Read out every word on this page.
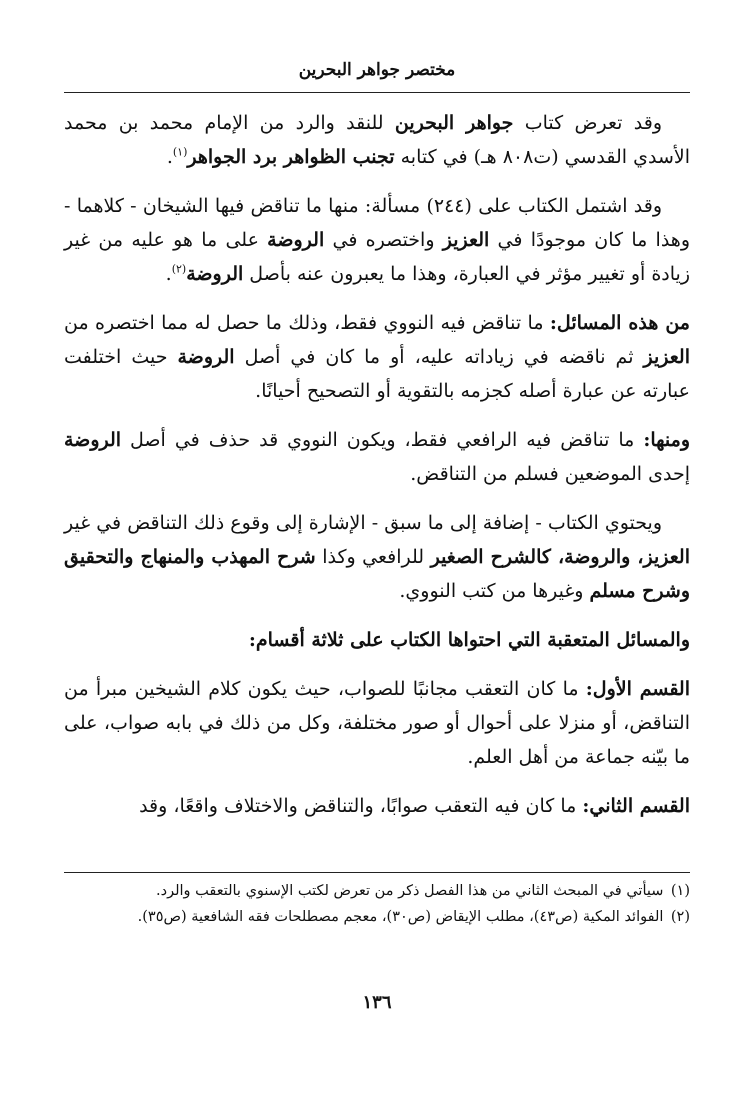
مختصر جواهر البحرين

وقد تعرض كتاب جواهر البحرين للنقد والرد من الإمام محمد بن محمد الأسدي القدسي (ت٨٠٨ هـ) في كتابه تجنب الظواهر برد الجواهر$^{(١)}$.

وقد اشتمل الكتاب على (٢٤٤) مسألة: منها ما تناقض فيها الشيخان - كلاهما - وهذا ما كان موجودًا في العزيز واختصره في الروضة على ما هو عليه من غير زيادة أو تغيير مؤثر في العبارة، وهذا ما يعبرون عنه بأصل الروضة$^{(٢)}$.

من هذه المسائل: ما تناقض فيه النووي فقط، وذلك ما حصل له مما اختصره من العزيز ثم ناقضه في زياداته عليه، أو ما كان في أصل الروضة حيث اختلفت عبارته عن عبارة أصله كجزمه بالتقوية أو التصحيح أحيانًا.

ومنها: ما تناقض فيه الرافعي فقط، ويكون النووي قد حذف في أصل الروضة إحدى الموضعين فسلم من التناقض.

ويحتوي الكتاب - إضافة إلى ما سبق - الإشارة إلى وقوع ذلك التناقض في غير العزيز، والروضة، كالشرح الصغير للرافعي وكذا شرح المهذب والمنهاج والتحقيق وشرح مسلم وغيرها من كتب النووي.

والمسائل المتعقبة التي احتواها الكتاب على ثلاثة أقسام:

القسم الأول: ما كان التعقب مجانبًا للصواب، حيث يكون كلام الشيخين مبرأ من التناقض، أو منزلا على أحوال أو صور مختلفة، وكل من ذلك في بابه صواب، على ما بيّنه جماعة من أهل العلم.

القسم الثاني: ما كان فيه التعقب صوابًا، والتناقض والاختلاف واقعًا، وقد

(١) سيأتي في المبحث الثاني من هذا الفصل ذكر من تعرض لكتب الإسنوي بالتعقب والرد.

(٢) الفوائد المكية (ص٤٣)، مطلب الإيقاض (ص٣٠)، معجم مصطلحات فقه الشافعية (ص٣٥).

١٣٦
